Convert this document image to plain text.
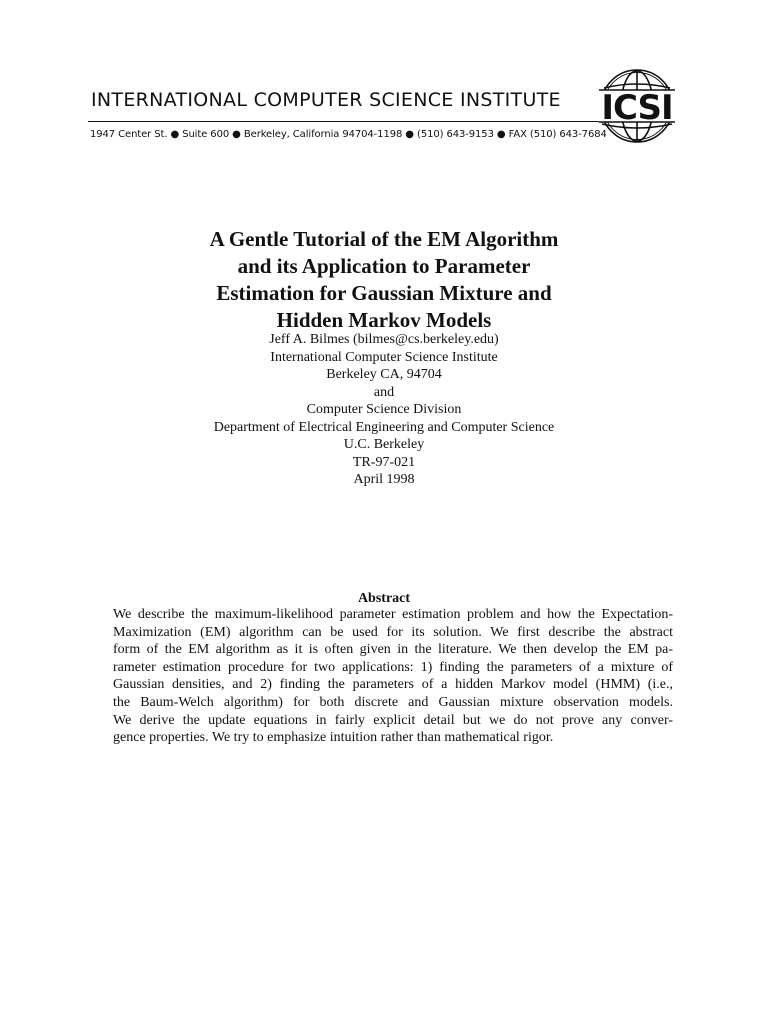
INTERNATIONAL COMPUTER SCIENCE INSTITUTE
1947 Center St. ● Suite 600 ● Berkeley, California 94704-1198 ● (510) 643-9153 ● FAX (510) 643-7684
ICSI
A Gentle Tutorial of the EM Algorithm
and its Application to Parameter
Estimation for Gaussian Mixture and
Hidden Markov Models
Jeff A. Bilmes (bilmes@cs.berkeley.edu)
International Computer Science Institute
Berkeley CA, 94704
and
Computer Science Division
Department of Electrical Engineering and Computer Science
U.C. Berkeley
TR-97-021
April 1998
Abstract
We describe the maximum-likelihood parameter estimation problem and how the Expectation-
Maximization (EM) algorithm can be used for its solution. We first describe the abstract
form of the EM algorithm as it is often given in the literature. We then develop the EM pa-
rameter estimation procedure for two applications: 1) finding the parameters of a mixture of
Gaussian densities, and 2) finding the parameters of a hidden Markov model (HMM) (i.e.,
the Baum-Welch algorithm) for both discrete and Gaussian mixture observation models.
We derive the update equations in fairly explicit detail but we do not prove any conver-
gence properties. We try to emphasize intuition rather than mathematical rigor.
